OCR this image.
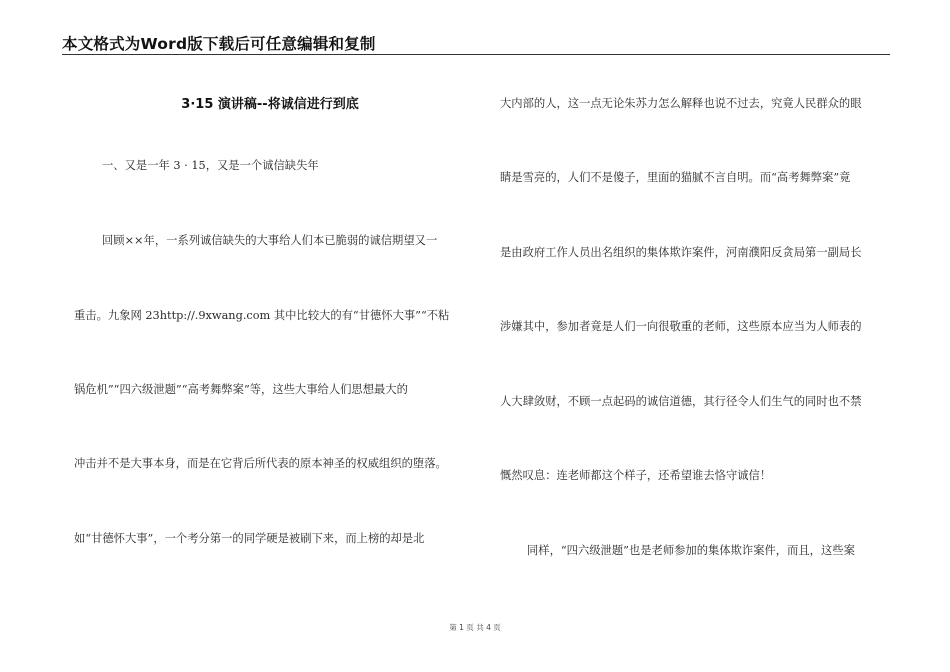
本文格式为Word版下载后可任意编辑和复制
3·15 演讲稿--将诚信进行到底
一、又是一年 3 · 15，又是一个诚信缺失年
回顾××年，一系列诚信缺失的大事给人们本已脆弱的诚信期望又一
重击。九象网 23http://.9xwang.com 其中比较大的有“甘德怀大事”“不粘
锅危机”“四六级泄题”“高考舞弊案”等，这些大事给人们思想最大的
冲击并不是大事本身，而是在它背后所代表的原本神圣的权威组织的堕落。
如“甘德怀大事”，一个考分第一的同学硬是被刷下来，而上榜的却是北
大内部的人，这一点无论朱苏力怎么解释也说不过去，究竟人民群众的眼
睛是雪亮的，人们不是傻子，里面的猫腻不言自明。而“高考舞弊案”竟
是由政府工作人员出名组织的集体欺诈案件，河南濮阳反贪局第一副局长
涉嫌其中，参加者竟是人们一向很敬重的老师，这些原本应当为人师表的
人大肆敛财，不顾一点起码的诚信道德，其行径令人们生气的同时也不禁
慨然叹息：连老师都这个样子，还希望谁去恪守诚信！
同样，“四六级泄题”也是老师参加的集体欺诈案件，而且，这些案
第 1 页 共 4 页
